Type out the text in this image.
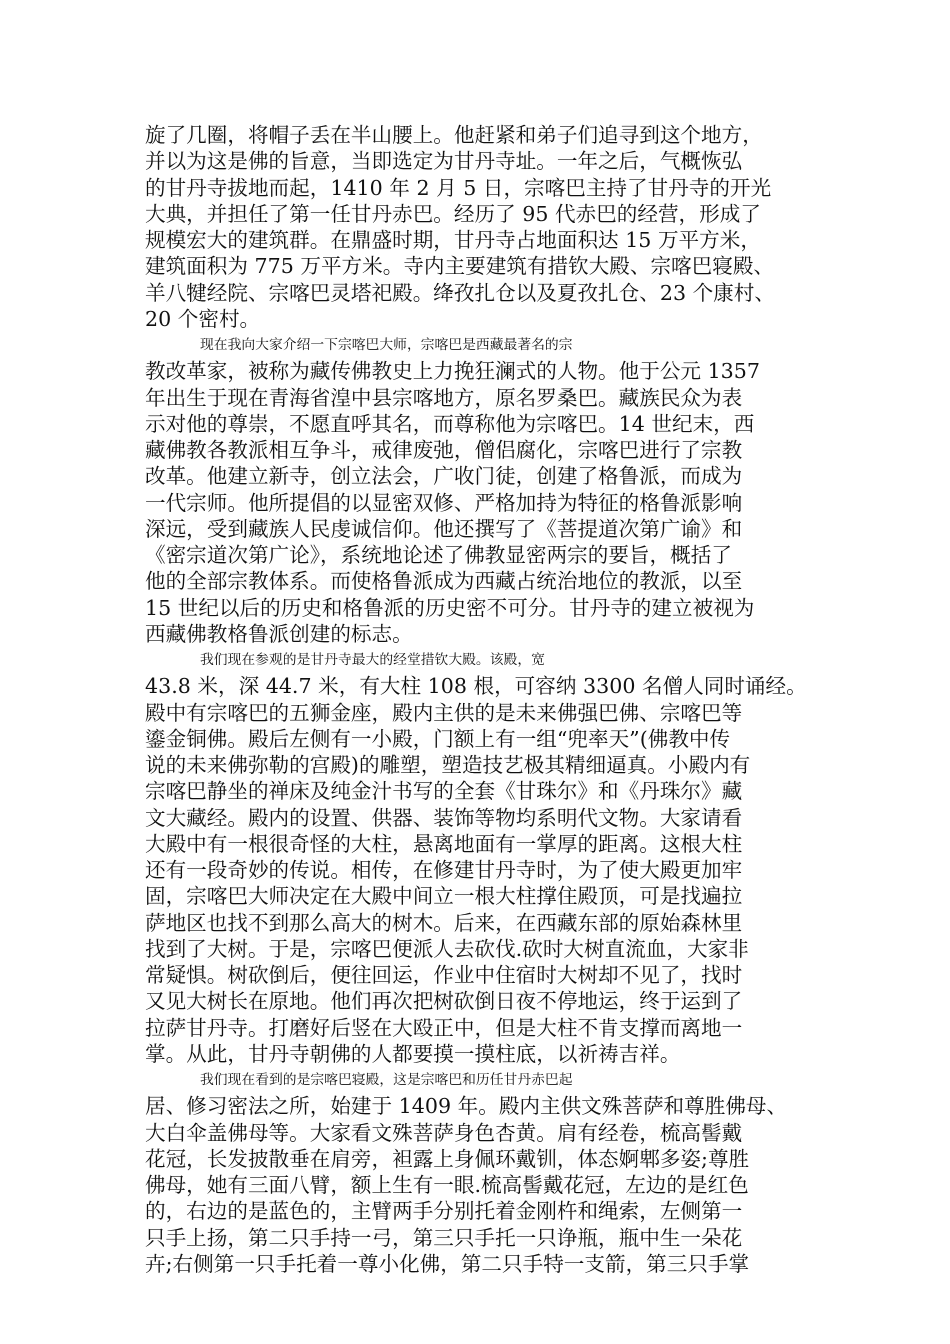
旋了几圈，将帽子丢在半山腰上。他赶紧和弟子们追寻到这个地方，
并以为这是佛的旨意，当即选定为甘丹寺址。一年之后，气概恢弘
的甘丹寺拔地而起，1410 年 2 月 5 日，宗喀巴主持了甘丹寺的开光
大典，并担任了第一任甘丹赤巴。经历了 95 代赤巴的经营，形成了
规模宏大的建筑群。在鼎盛时期，甘丹寺占地面积达 15 万平方米，
建筑面积为 775 万平方米。寺内主要建筑有措钦大殿、宗喀巴寝殿、
羊八犍经院、宗喀巴灵塔祀殿。绛孜扎仓以及夏孜扎仓、23 个康村、
20 个密村。
现在我向大家介绍一下宗喀巴大师，宗喀巴是西藏最著名的宗
教改革家，被称为藏传佛教史上力挽狂澜式的人物。他于公元 1357
年出生于现在青海省湟中县宗喀地方，原名罗桑巴。藏族民众为表
示对他的尊崇，不愿直呼其名，而尊称他为宗喀巴。14 世纪末，西
藏佛教各教派相互争斗，戒律废弛，僧侣腐化，宗喀巴进行了宗教
改革。他建立新寺，创立法会，广收门徒，创建了格鲁派，而成为
一代宗师。他所提倡的以显密双修、严格加持为特征的格鲁派影响
深远，受到藏族人民虔诚信仰。他还撰写了《菩提道次第广谕》和
《密宗道次第广论》，系统地论述了佛教显密两宗的要旨，概括了
他的全部宗教体系。而使格鲁派成为西藏占统治地位的教派，以至
15 世纪以后的历史和格鲁派的历史密不可分。甘丹寺的建立被视为
西藏佛教格鲁派创建的标志。
我们现在参观的是甘丹寺最大的经堂措钦大殿。该殿，宽
43.8 米，深 44.7 米，有大柱 108 根，可容纳 3300 名僧人同时诵经。
殿中有宗喀巴的五狮金座，殿内主供的是未来佛强巴佛、宗喀巴等
鎏金铜佛。殿后左侧有一小殿，门额上有一组“兜率天”(佛教中传
说的未来佛弥勒的宫殿)的雕塑，塑造技艺极其精细逼真。小殿内有
宗喀巴静坐的禅床及纯金汁书写的全套《甘珠尔》和《丹珠尔》藏
文大藏经。殿内的设置、供器、装饰等物均系明代文物。大家请看
大殿中有一根很奇怪的大柱，悬离地面有一掌厚的距离。这根大柱
还有一段奇妙的传说。相传，在修建甘丹寺时，为了使大殿更加牢
固，宗喀巴大师决定在大殿中间立一根大柱撑住殿顶，可是找遍拉
萨地区也找不到那么高大的树木。后来，在西藏东部的原始森林里
找到了大树。于是，宗喀巴便派人去砍伐.砍时大树直流血，大家非
常疑惧。树砍倒后，便往回运，作业中住宿时大树却不见了，找时
又见大树长在原地。他们再次把树砍倒日夜不停地运，终于运到了
拉萨甘丹寺。打磨好后竖在大殴正中，但是大柱不肯支撑而离地一
掌。从此，甘丹寺朝佛的人都要摸一摸柱底，以祈祷吉祥。
我们现在看到的是宗喀巴寝殿，这是宗喀巴和历任甘丹赤巴起
居、修习密法之所，始建于 1409 年。殿内主供文殊菩萨和尊胜佛母、
大白伞盖佛母等。大家看文殊菩萨身色杏黄。肩有经卷，梳高髻戴
花冠，长发披散垂在肩旁，袒露上身佩环戴钏，体态婀郫多姿;尊胜
佛母，她有三面八臂，额上生有一眼.梳高髻戴花冠，左边的是红色
的，右边的是蓝色的，主臂两手分别托着金刚杵和绳索，左侧第一
只手上扬，第二只手持一弓，第三只手托一只诤瓶，瓶中生一朵花
卉;右侧第一只手托着一尊小化佛，第二只手特一支箭，第三只手掌
